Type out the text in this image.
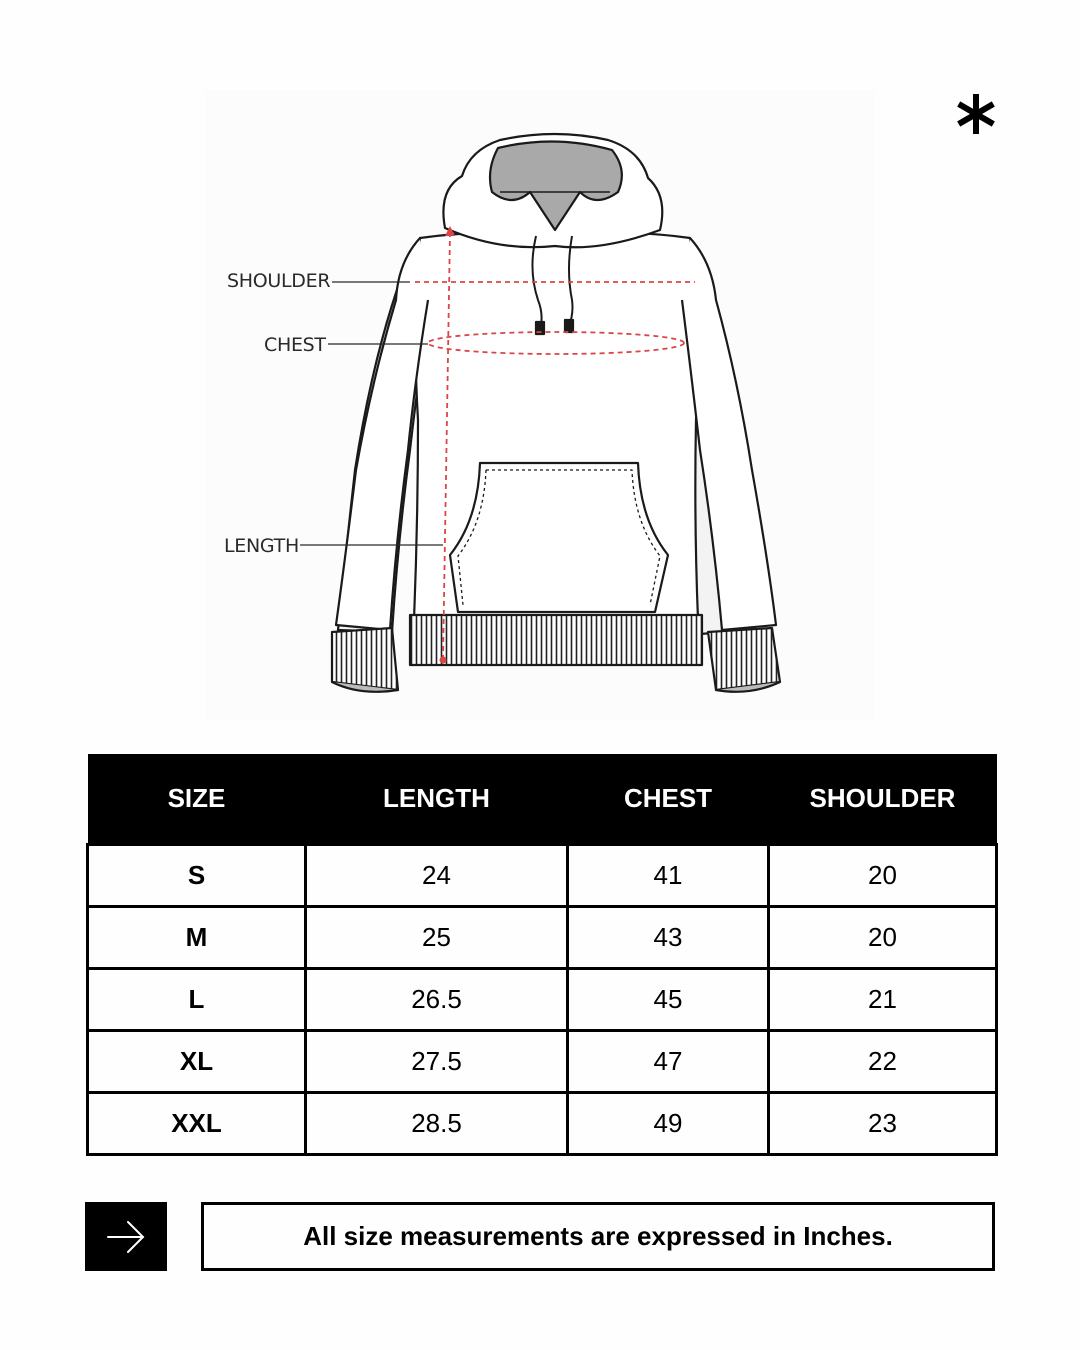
SHOULDER
CHEST
LENGTH
SIZE	LENGTH	CHEST	SHOULDER
S	24	41	20
M	25	43	20
L	26.5	45	21
XL	27.5	47	22
XXL	28.5	49	23
All size measurements are expressed in Inches.
